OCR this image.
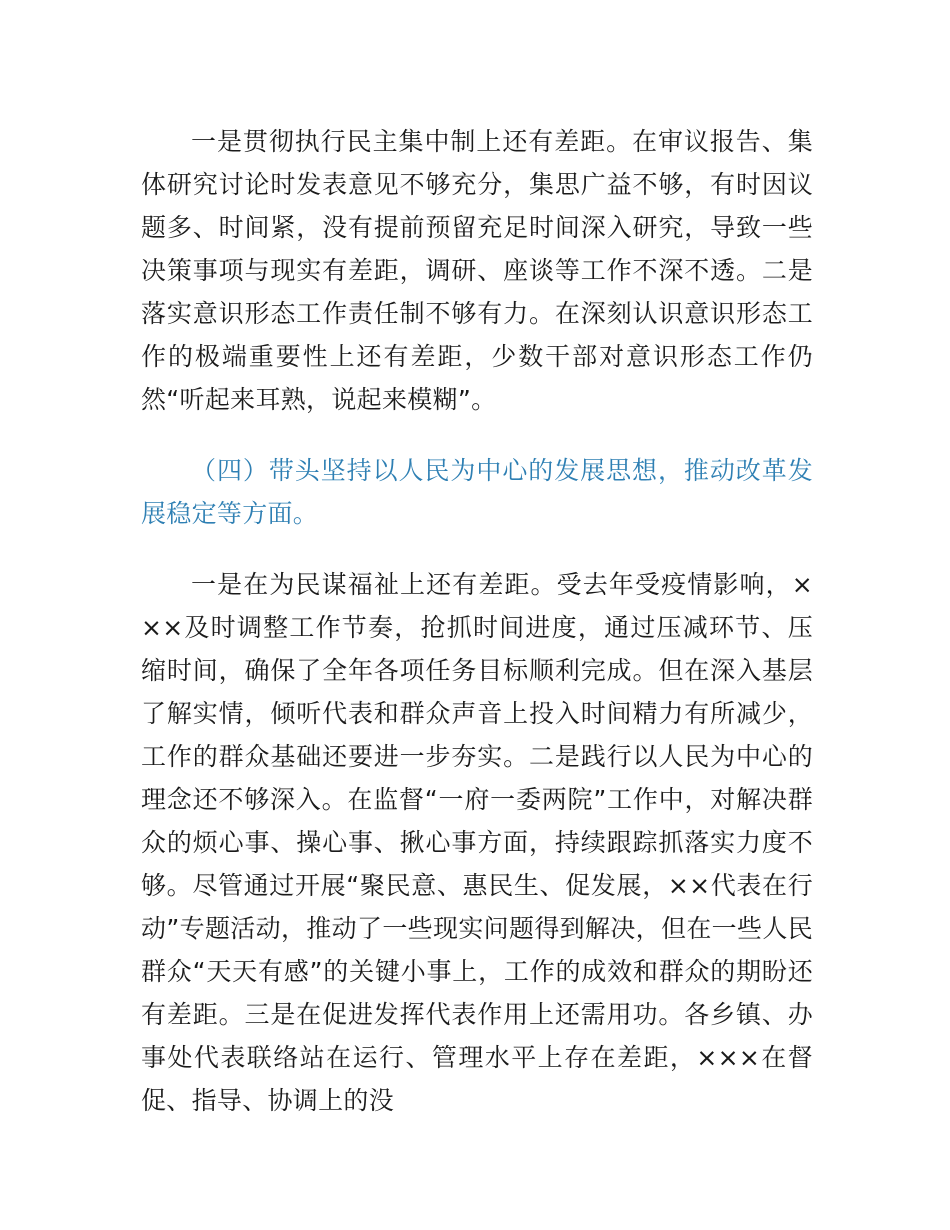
一是贯彻执行民主集中制上还有差距。在审议报告、集体研究讨论时发表意见不够充分，集思广益不够，有时因议题多、时间紧，没有提前预留充足时间深入研究，导致一些决策事项与现实有差距，调研、座谈等工作不深不透。二是落实意识形态工作责任制不够有力。在深刻认识意识形态工作的极端重要性上还有差距，少数干部对意识形态工作仍然“听起来耳熟，说起来模糊”。

（四）带头坚持以人民为中心的发展思想，推动改革发展稳定等方面。

一是在为民谋福祉上还有差距。受去年受疫情影响，×××及时调整工作节奏，抢抓时间进度，通过压减环节、压缩时间，确保了全年各项任务目标顺利完成。但在深入基层了解实情，倾听代表和群众声音上投入时间精力有所减少，工作的群众基础还要进一步夯实。二是践行以人民为中心的理念还不够深入。在监督“一府一委两院”工作中，对解决群众的烦心事、操心事、揪心事方面，持续跟踪抓落实力度不够。尽管通过开展“聚民意、惠民生、促发展，××代表在行动”专题活动，推动了一些现实问题得到解决，但在一些人民群众“天天有感”的关键小事上，工作的成效和群众的期盼还有差距。三是在促进发挥代表作用上还需用功。各乡镇、办事处代表联络站在运行、管理水平上存在差距，×××在督促、指导、协调上的没
